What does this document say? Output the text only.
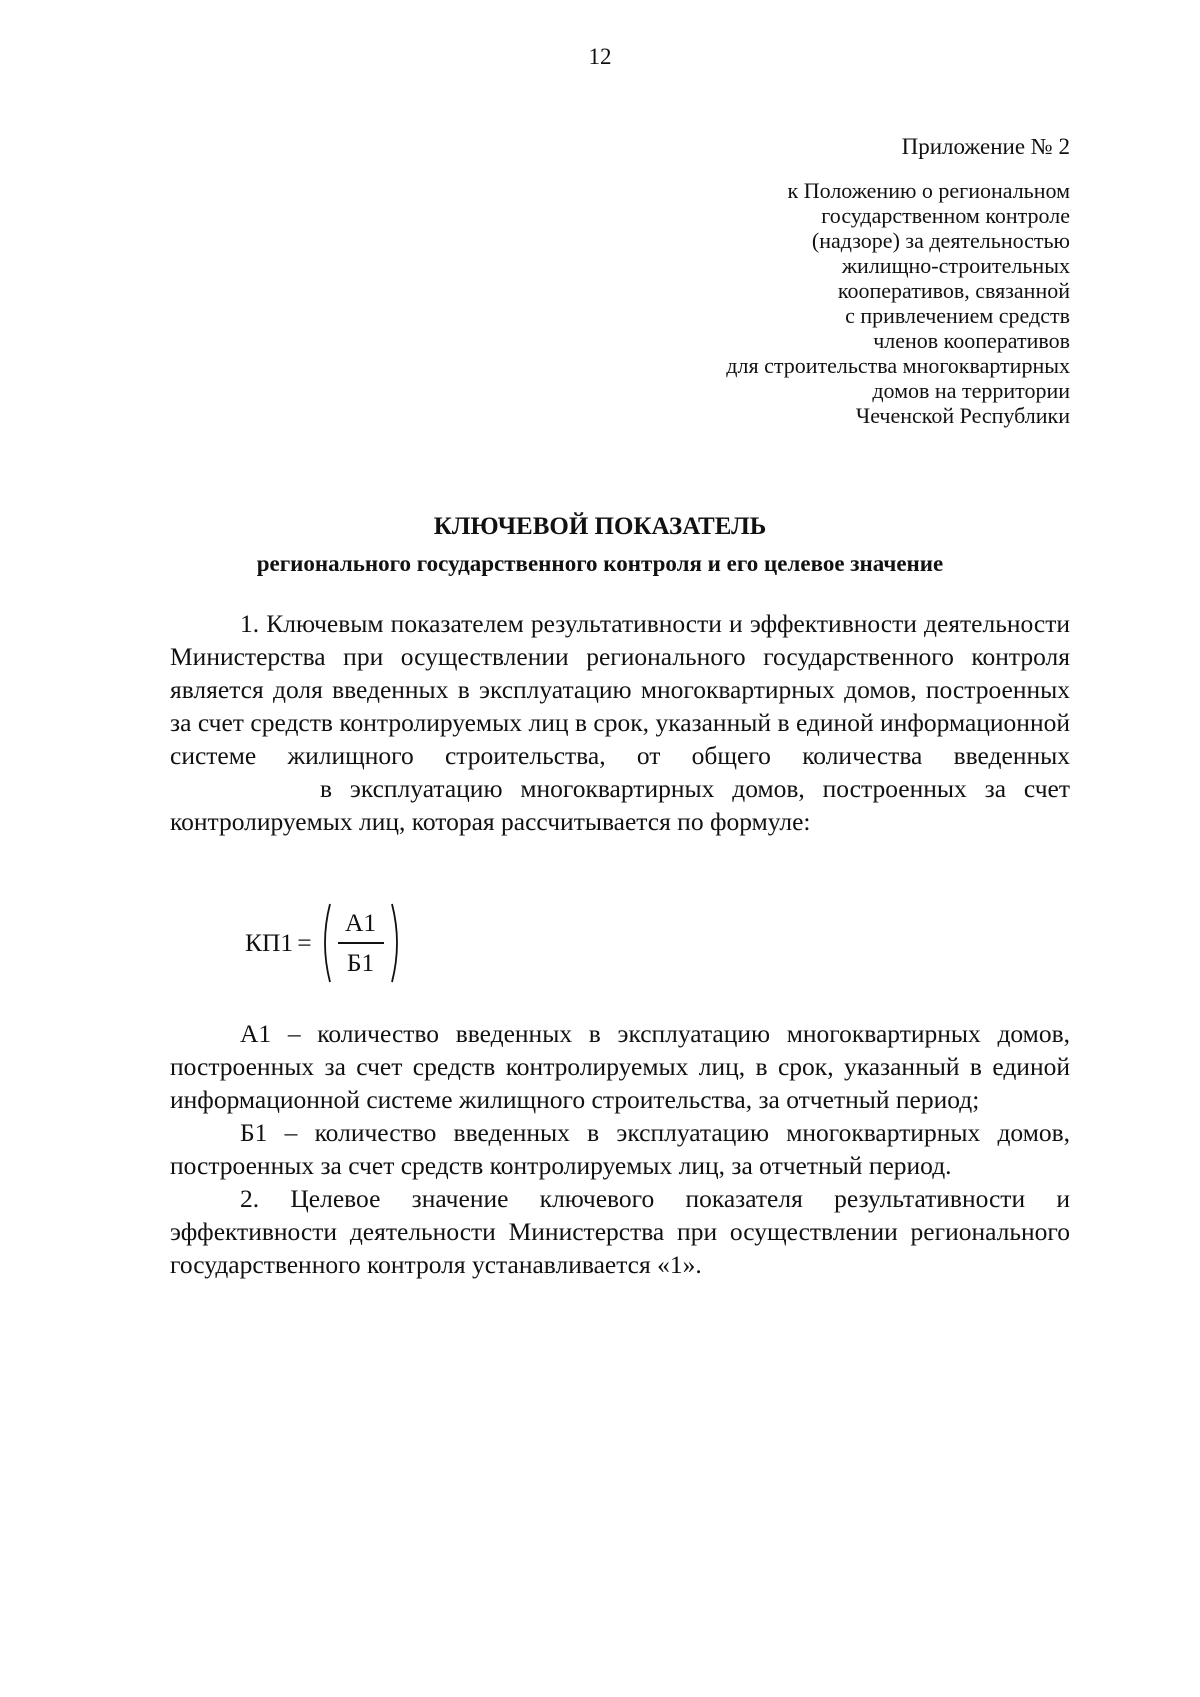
12
Приложение № 2
к Положению о региональном
государственном контроле
(надзоре) за деятельностью
жилищно-строительных
кооперативов, связанной
с привлечением средств
членов кооперативов
для строительства многоквартирных
домов на территории
Чеченской Республики
КЛЮЧЕВОЙ ПОКАЗАТЕЛЬ
регионального государственного контроля и его целевое значение

1. Ключевым показателем результативности и эффективности деятельности Министерства при осуществлении регионального государственного контроля является доля введенных в эксплуатацию многоквартирных домов, построенных за счет средств контролируемых лиц в срок, указанный в единой информационной системе жилищного строительства, от общего количества введенныхв эксплуатацию многоквартирных домов, построенных за счет контролируемых лиц, которая рассчитывается по формуле:

$КП1 = \frac{А1}{Б1}$

А1 – количество введенных в эксплуатацию многоквартирных домов, построенных за счет средств контролируемых лиц, в срок, указанный в единой информационной системе жилищного строительства, за отчетный период;

Б1 – количество введенных в эксплуатацию многоквартирных домов, построенных за счет средств контролируемых лиц, за отчетный период.

2. Целевое значение ключевого показателя результативности и эффективности деятельности Министерства при осуществлении регионального государственного контроля устанавливается «1».
